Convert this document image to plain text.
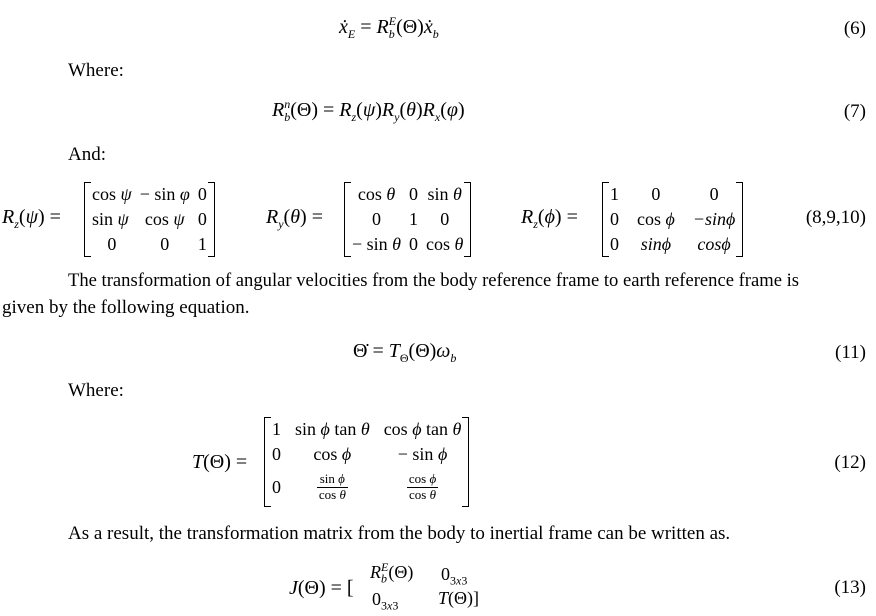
ẋ$_E$ = $R_b^E(\Theta)ẋ_b$	(6)
Where:
$R_b^n(\Theta) = R_z(\psi)R_y(\theta)R_x(\varphi)$	(7)
And:
$R_z(\psi)$ =
cos ψ	− sin φ	0
sin ψ	cos ψ	0
0	0	1
$R_y(\theta)$ =
cos θ	0	sin θ
0	1	0
− sin θ	0	cos θ
$R_z(\phi)$ =
1	0	0
0	cos ϕ	−sinϕ
0	sinϕ	cosϕ
(8,9,10)
The transformation of angular velocities from the body reference frame to earth reference frame is
given by the following equation.
Θ̇ = $T_\Theta(\Theta)\omega_b$	(11)
Where:
T(Θ) =
1	sin ϕ tan θ	cos ϕ tan θ
0	cos ϕ	− sin ϕ
0	$\frac{\text{sin ϕ}}{\text{cos θ}}$	$\frac{\text{cos ϕ}}{\text{cos θ}}$
(12)
As a result, the transformation matrix from the body to inertial frame can be written as.
J(Θ) = [
$R_b^E(\Theta)$ $0_{3x3}$
$0_{3x3}$ T(Θ)]	(13)
